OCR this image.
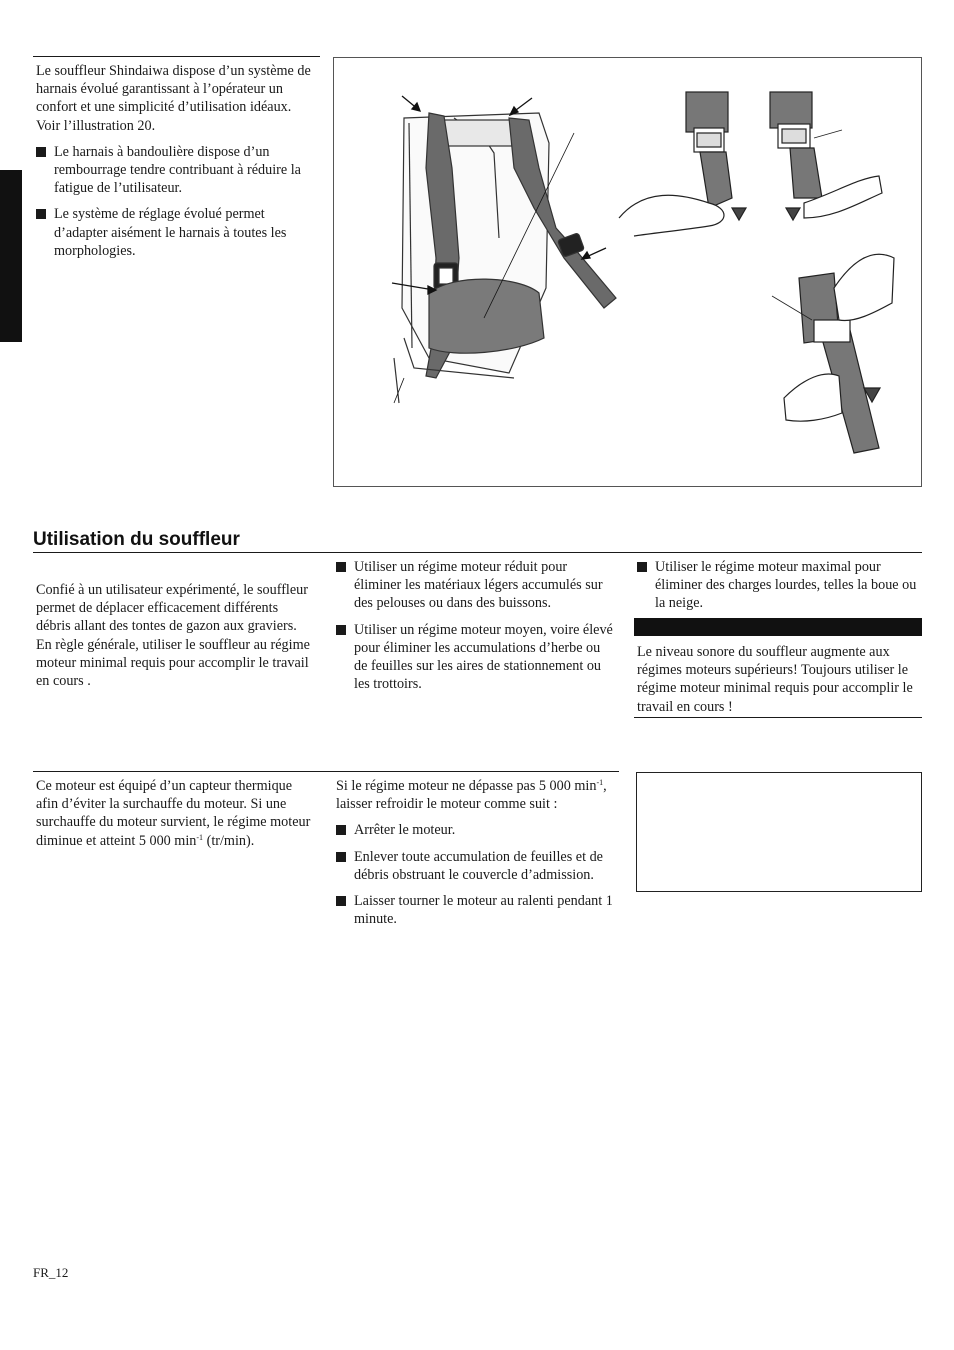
Le souffleur Shindaiwa dispose d’un système de harnais évolué garantissant à l’opérateur un confort et une simplicité d’utilisation idéaux. Voir l’illustration 20.
Le harnais à bandoulière dispose d’un rembourrage tendre contribuant à réduire la fatigue de l’utilisateur.
Le système de réglage évolué permet d’adapter aisément le harnais à toutes les morphologies.
Utilisation du souffleur
Confié à un utilisateur expérimenté, le souffleur permet de déplacer efficacement différents débris allant des tontes de gazon aux graviers. En règle générale, utiliser le souffleur au régime moteur minimal requis pour accomplir le travail en cours .
Utiliser un régime moteur réduit pour éliminer les matériaux légers accumulés sur des pelouses ou dans des buissons.
Utiliser un régime moteur moyen, voire élevé pour éliminer les accumulations d’herbe ou de feuilles sur les aires de stationnement ou les trottoirs.
Utiliser le régime moteur maximal pour éliminer des charges lourdes, telles la boue ou la neige.
Le niveau sonore du souffleur augmente aux régimes moteurs supérieurs! Toujours utiliser le régime moteur minimal requis pour accomplir le travail en cours !
Ce moteur est équipé d’un capteur thermique afin d’éviter la surchauffe du moteur. Si une surchauffe du moteur survient, le régime moteur diminue et atteint 5 000 $\min^{-1} (tr/\min)$.
Si le régime moteur ne dépasse pas 5 000 $\min^{-1}$, laisser refroidir le moteur comme suit :
Arrêter le moteur.
Enlever toute accumulation de feuilles et de débris obstruant le couvercle d’admission.
Laisser tourner le moteur au ralenti pendant 1 minute.
FR_12
